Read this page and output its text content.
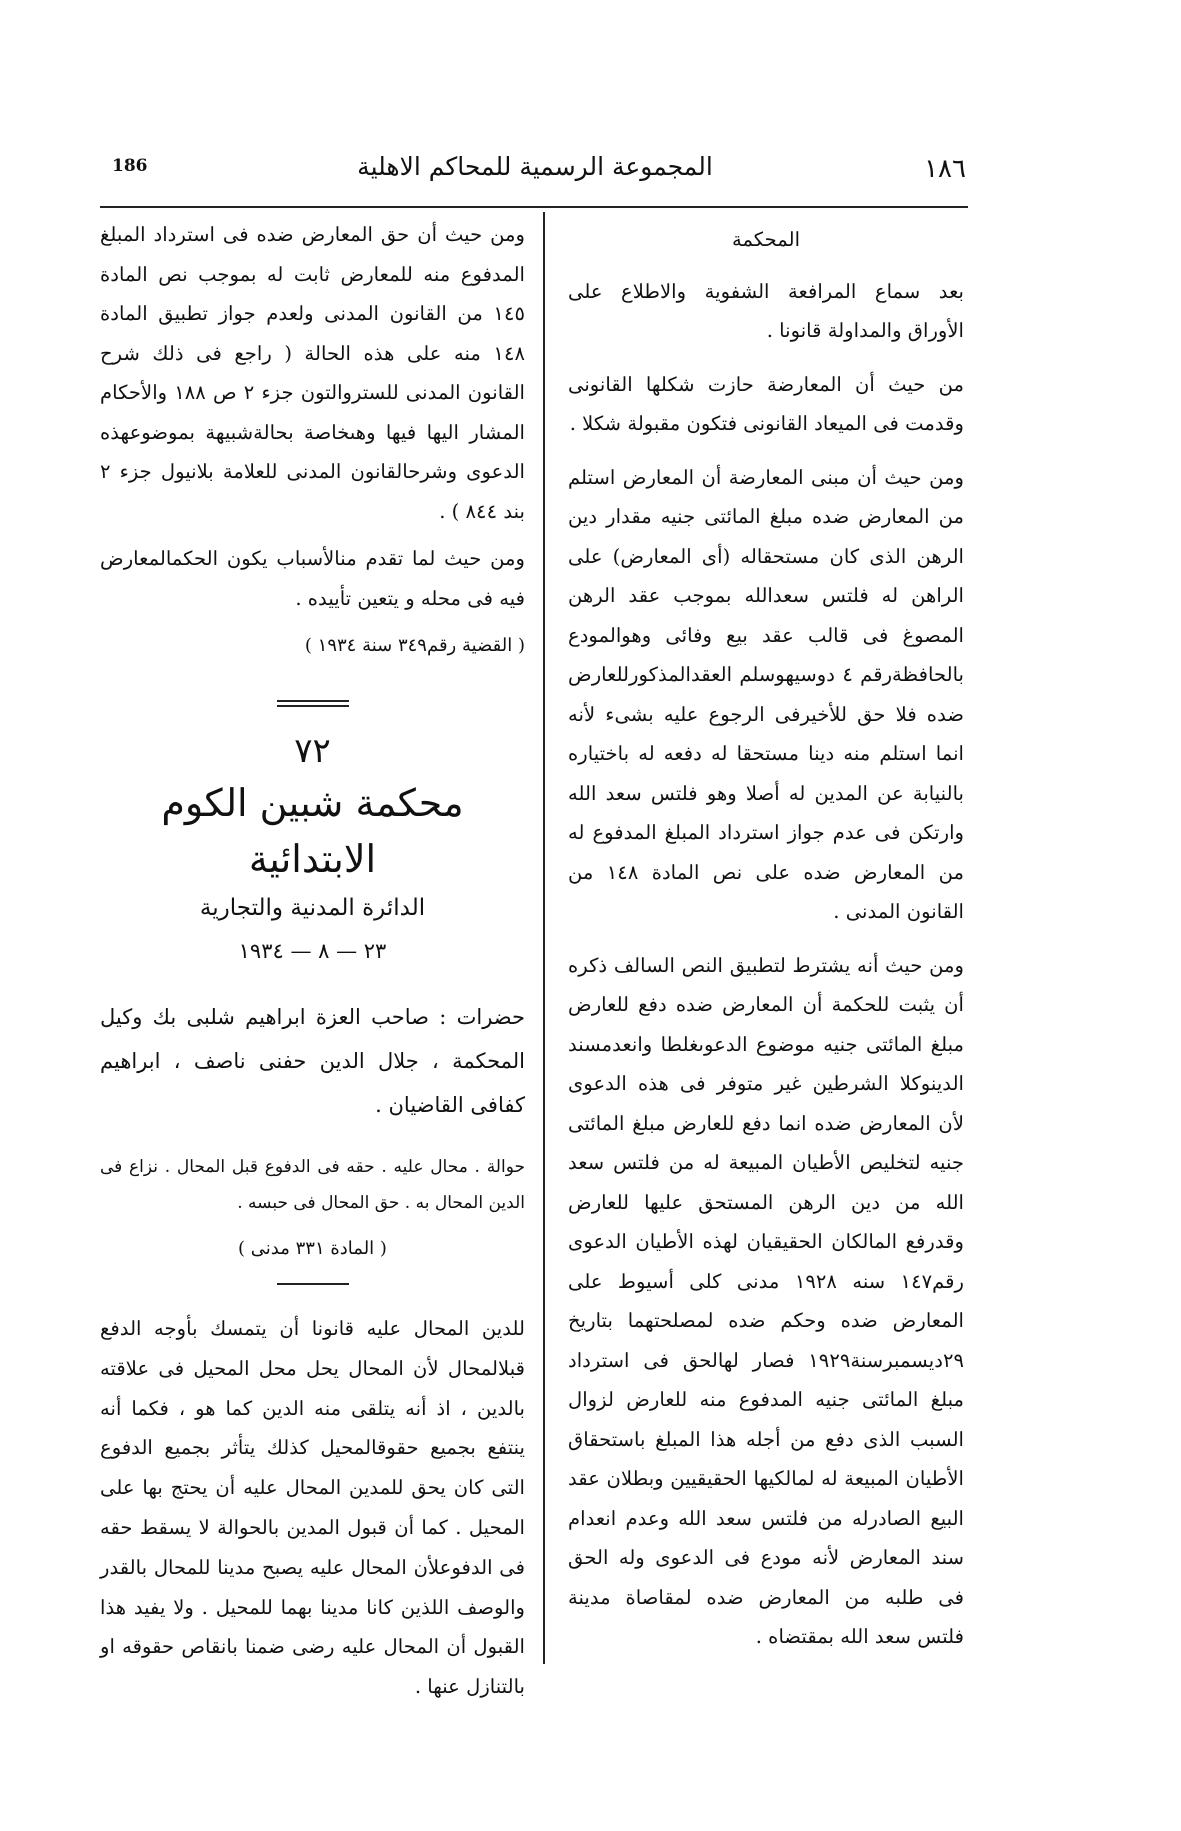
186	المجموعة الرسمية للمحاكم الاهلية	١٨٦

المحكمة

بعد سماع المرافعة الشفوية والاطلاع على الأوراق والمداولة قانونا .

من حيث أن المعارضة حازت شكلها القانونى وقدمت فى الميعاد القانونى فتكون مقبولة شكلا .

ومن حيث أن مبنى المعارضة أن المعارض استلم من المعارض ضده مبلغ المائتى جنيه مقدار دين الرهن الذى كان مستحقاله (أى المعارض) على الراهن له فلتس سعدالله بموجب عقد الرهن المصوغ فى قالب عقد بيع وفائى وهوالمودع بالحافظةرقم ٤ دوسيهوسلم العقدالمذكورللعارض ضده فلا حق للأخيرفى الرجوع عليه بشىء لأنه انما استلم منه دينا مستحقا له دفعه له باختياره بالنيابة عن المدين له أصلا وهو فلتس سعد الله وارتكن فى عدم جواز استرداد المبلغ المدفوع له من المعارض ضده على نص المادة ١٤٨ من القانون المدنى .

ومن حيث أنه يشترط لتطبيق النص السالف ذكره أن يثبت للحكمة أن المعارض ضده دفع للعارض مبلغ المائتى جنيه موضوع الدعوىغلطا وانعدمسند الدينوكلا الشرطين غير متوفر فى هذه الدعوى لأن المعارض ضده انما دفع للعارض مبلغ المائتى جنيه لتخليص الأطيان المبيعة له من فلتس سعد الله من دين الرهن المستحق عليها للعارض وقدرفع المالكان الحقيقيان لهذه الأطيان الدعوى رقم١٤٧ سنه ١٩٢٨ مدنى كلى أسيوط على المعارض ضده وحكم ضده لمصلحتهما بتاريخ ٢٩ديسمبرسنة١٩٢٩ فصار لهالحق فى استرداد مبلغ المائتى جنيه المدفوع منه للعارض لزوال السبب الذى دفع من أجله هذا المبلغ باستحقاق الأطيان المبيعة له لمالكيها الحقيقيين وبطلان عقد البيع الصادرله من فلتس سعد الله وعدم انعدام سند المعارض لأنه مودع فى الدعوى وله الحق فى طلبه من المعارض ضده لمقاصاة مدينة فلتس سعد الله بمقتضاه .

ومن حيث أن حق المعارض ضده فى استرداد المبلغ المدفوع منه للمعارض ثابت له بموجب نص المادة ١٤٥ من القانون المدنى ولعدم جواز تطبيق المادة ١٤٨ منه على هذه الحالة ( راجع فى ذلك شرح القانون المدنى للستروالتون جزء ٢ ص ١٨٨ والأحكام المشار اليها فيها وهىخاصة بحالةشبيهة بموضوعهذه الدعوى وشرحالقانون المدنى للعلامة بلانيول جزء ٢ بند ٨٤٤ ) .

ومن حيث لما تقدم منالأسباب يكون الحكمالمعارض فيه فى محله و يتعين تأييده .

( القضية رقم٣٤٩ سنة ١٩٣٤ )

٧٢

محكمة شبين الكوم الابتدائية

الدائرة المدنية والتجارية

٢٣ — ٨ — ١٩٣٤

حضرات : صاحب العزة ابراهيم شلبى بك وكيل المحكمة ، جلال الدين حفنى ناصف ، ابراهيم كفافى القاضيان .

حوالة . محال عليه . حقه فى الدفوع قبل المحال . نزاع فى الدين المحال به . حق المحال فى حبسه .

( المادة ٣٣١ مدنى )

للدين المحال عليه قانونا أن يتمسك بأوجه الدفع قبلالمحال لأن المحال يحل محل المحيل فى علاقته بالدين ، اذ أنه يتلقى منه الدين كما هو ، فكما أنه ينتفع بجميع حقوقالمحيل كذلك يتأثر بجميع الدفوع التى كان يحق للمدين المحال عليه أن يحتج بها على المحيل . كما أن قبول المدين بالحوالة لا يسقط حقه فى الدفوعلأن المحال عليه يصبح مدينا للمحال بالقدر والوصف اللذين كانا مدينا بهما للمحيل . ولا يفيد هذا القبول أن المحال عليه رضى ضمنا بانقاص حقوقه او بالتنازل عنها .
